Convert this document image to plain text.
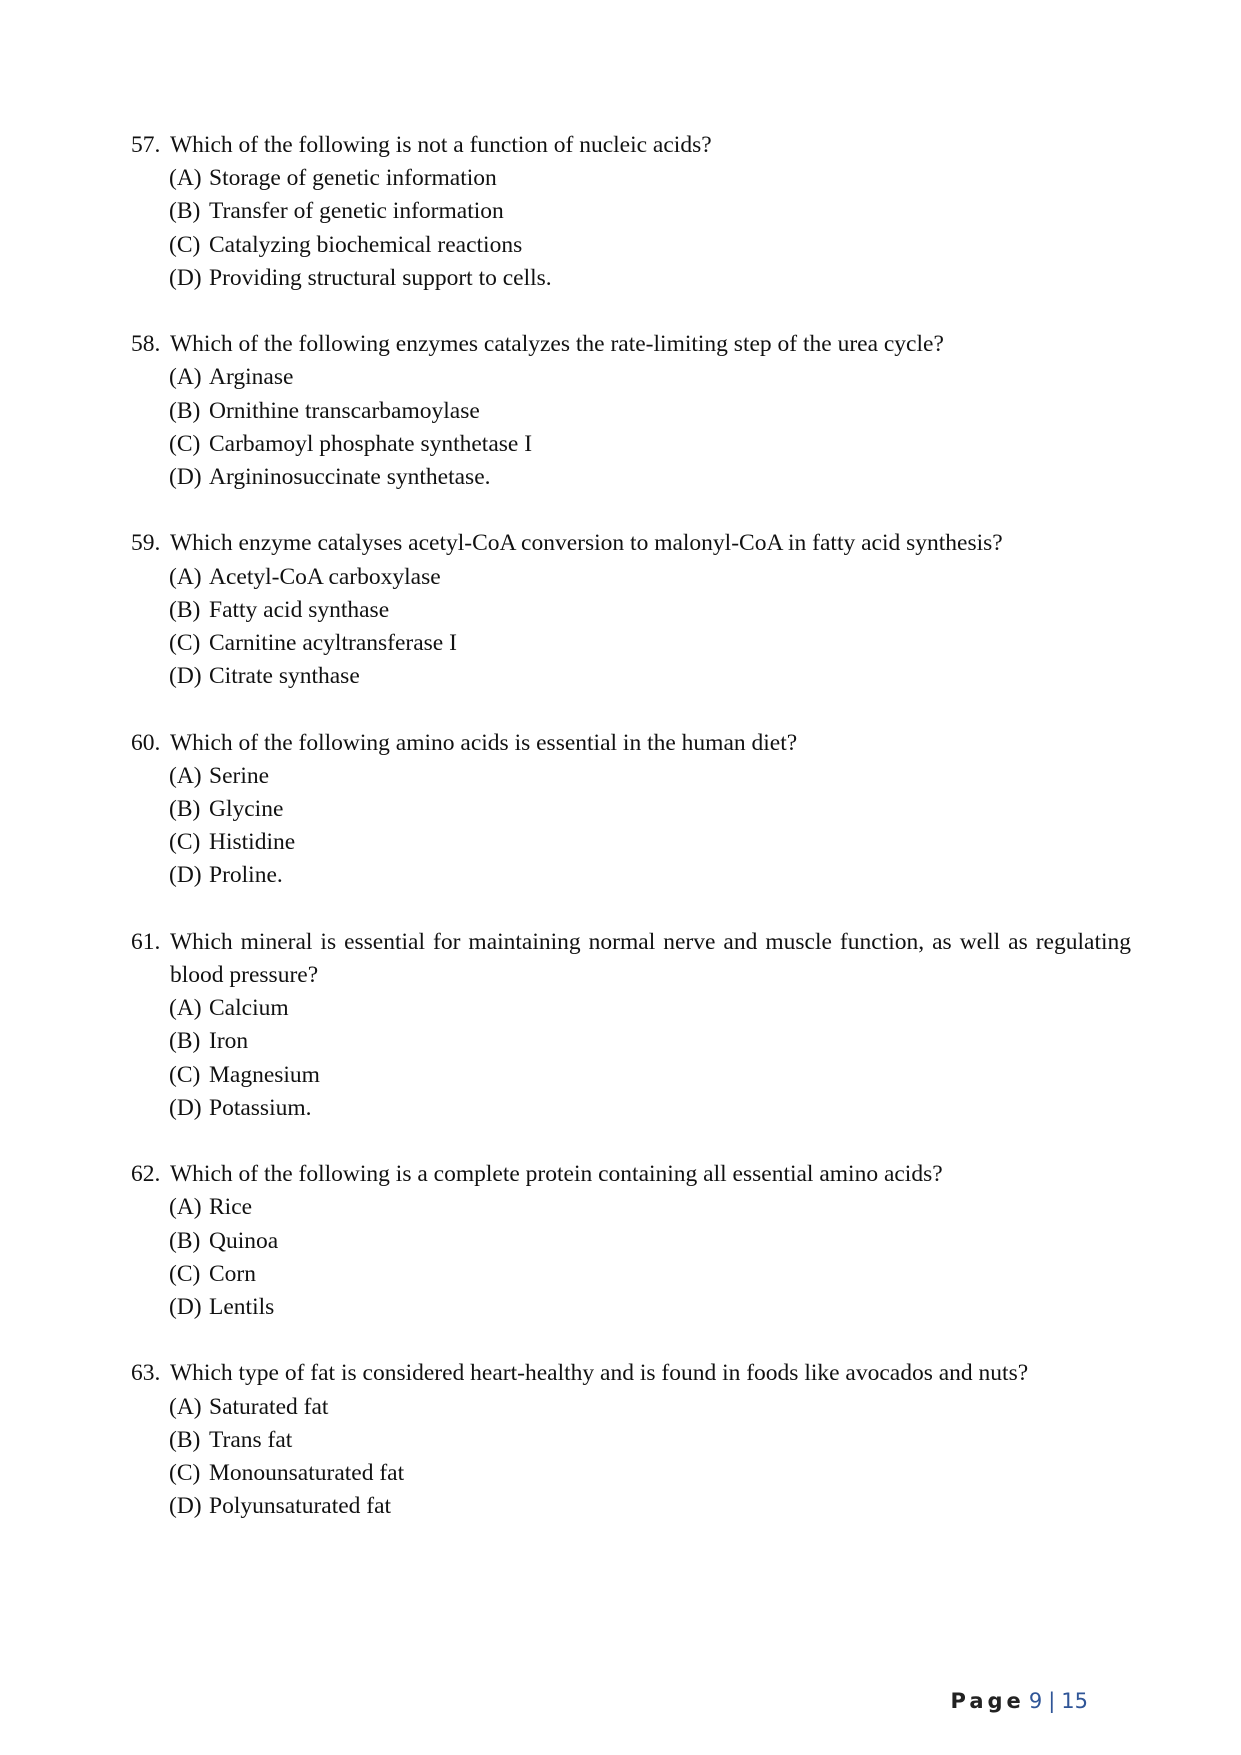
57. Which of the following is not a function of nucleic acids?
(A) Storage of genetic information
(B) Transfer of genetic information
(C) Catalyzing biochemical reactions
(D) Providing structural support to cells.
58. Which of the following enzymes catalyzes the rate-limiting step of the urea cycle?
(A) Arginase
(B) Ornithine transcarbamoylase
(C) Carbamoyl phosphate synthetase I
(D) Argininosuccinate synthetase.
59. Which enzyme catalyses acetyl-CoA conversion to malonyl-CoA in fatty acid synthesis?
(A) Acetyl-CoA carboxylase
(B) Fatty acid synthase
(C) Carnitine acyltransferase I
(D) Citrate synthase
60. Which of the following amino acids is essential in the human diet?
(A) Serine
(B) Glycine
(C) Histidine
(D) Proline.
61. Which mineral is essential for maintaining normal nerve and muscle function, as well as regulating blood pressure?
(A) Calcium
(B) Iron
(C) Magnesium
(D) Potassium.
62. Which of the following is a complete protein containing all essential amino acids?
(A) Rice
(B) Quinoa
(C) Corn
(D) Lentils
63. Which type of fat is considered heart-healthy and is found in foods like avocados and nuts?
(A) Saturated fat
(B) Trans fat
(C) Monounsaturated fat
(D) Polyunsaturated fat
Page 9 | 15
